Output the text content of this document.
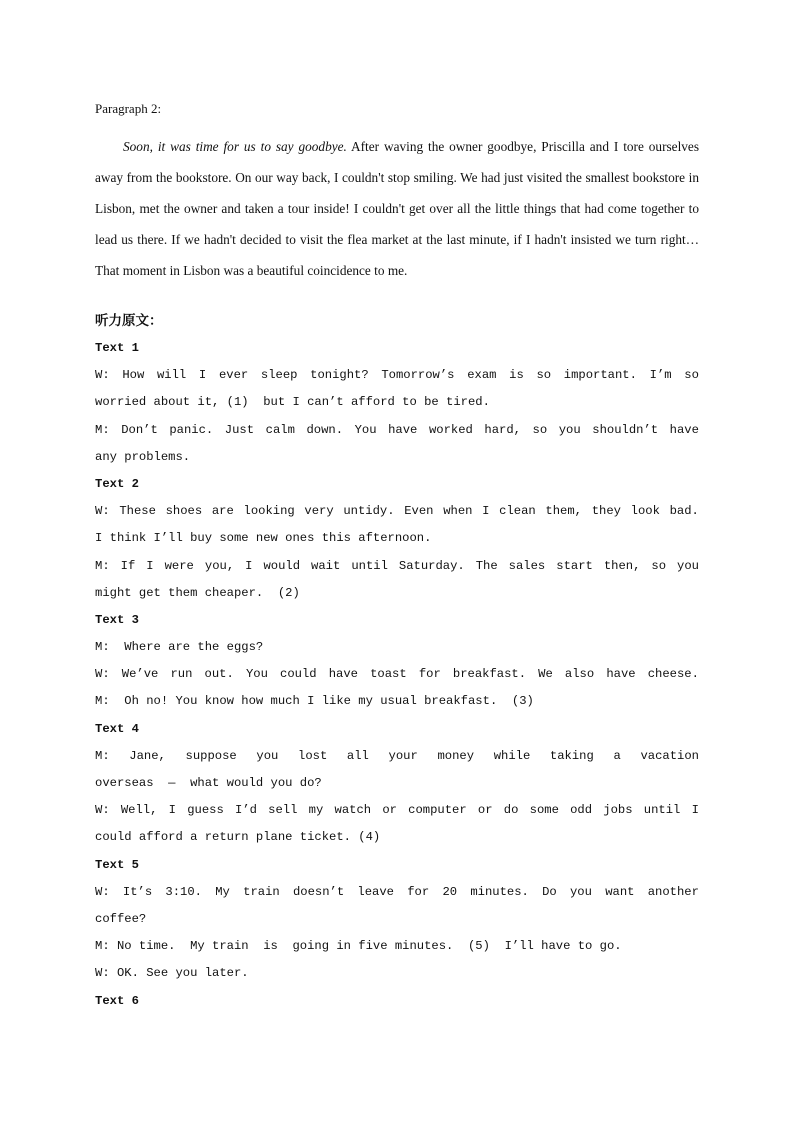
Paragraph 2:
Soon, it was time for us to say goodbye. After waving the owner goodbye, Priscilla and I tore ourselves away from the bookstore. On our way back, I couldn't stop smiling. We had just visited the smallest bookstore in Lisbon, met the owner and taken a tour inside! I couldn't get over all the little things that had come together to lead us there. If we hadn't decided to visit the flea market at the last minute, if I hadn't insisted we turn right… That moment in Lisbon was a beautiful coincidence to me.
听力原文：
Text 1
W: How will I ever sleep tonight? Tomorrow’s exam is so important. I’m so
worried about it, (1)  but I can’t afford to be tired.
M: Don’t panic. Just calm down. You have worked hard, so you shouldn’t have
any problems.
Text 2
W: These shoes are looking very untidy. Even when I clean them, they look bad.
I think I’ll buy some new ones this afternoon.
M: If I were you, I would wait until Saturday. The sales start then, so you
might get them cheaper.  (2)
Text 3
M:  Where are the eggs?
W: We’ve run out. You could have toast for breakfast. We also have cheese.
M:  Oh no! You know how much I like my usual breakfast.  (3)
Text 4
M: Jane, suppose you lost all your money while taking a vacation
overseas  —  what would you do?
W: Well, I guess I’d sell my watch or computer or do some odd jobs until I
could afford a return plane ticket. (4)
Text 5
W: It’s 3:10. My train doesn’t leave for 20 minutes. Do you want another
coffee?
M: No time.  My train  is  going in five minutes.  (5)  I’ll have to go.
W: OK. See you later.
Text 6
